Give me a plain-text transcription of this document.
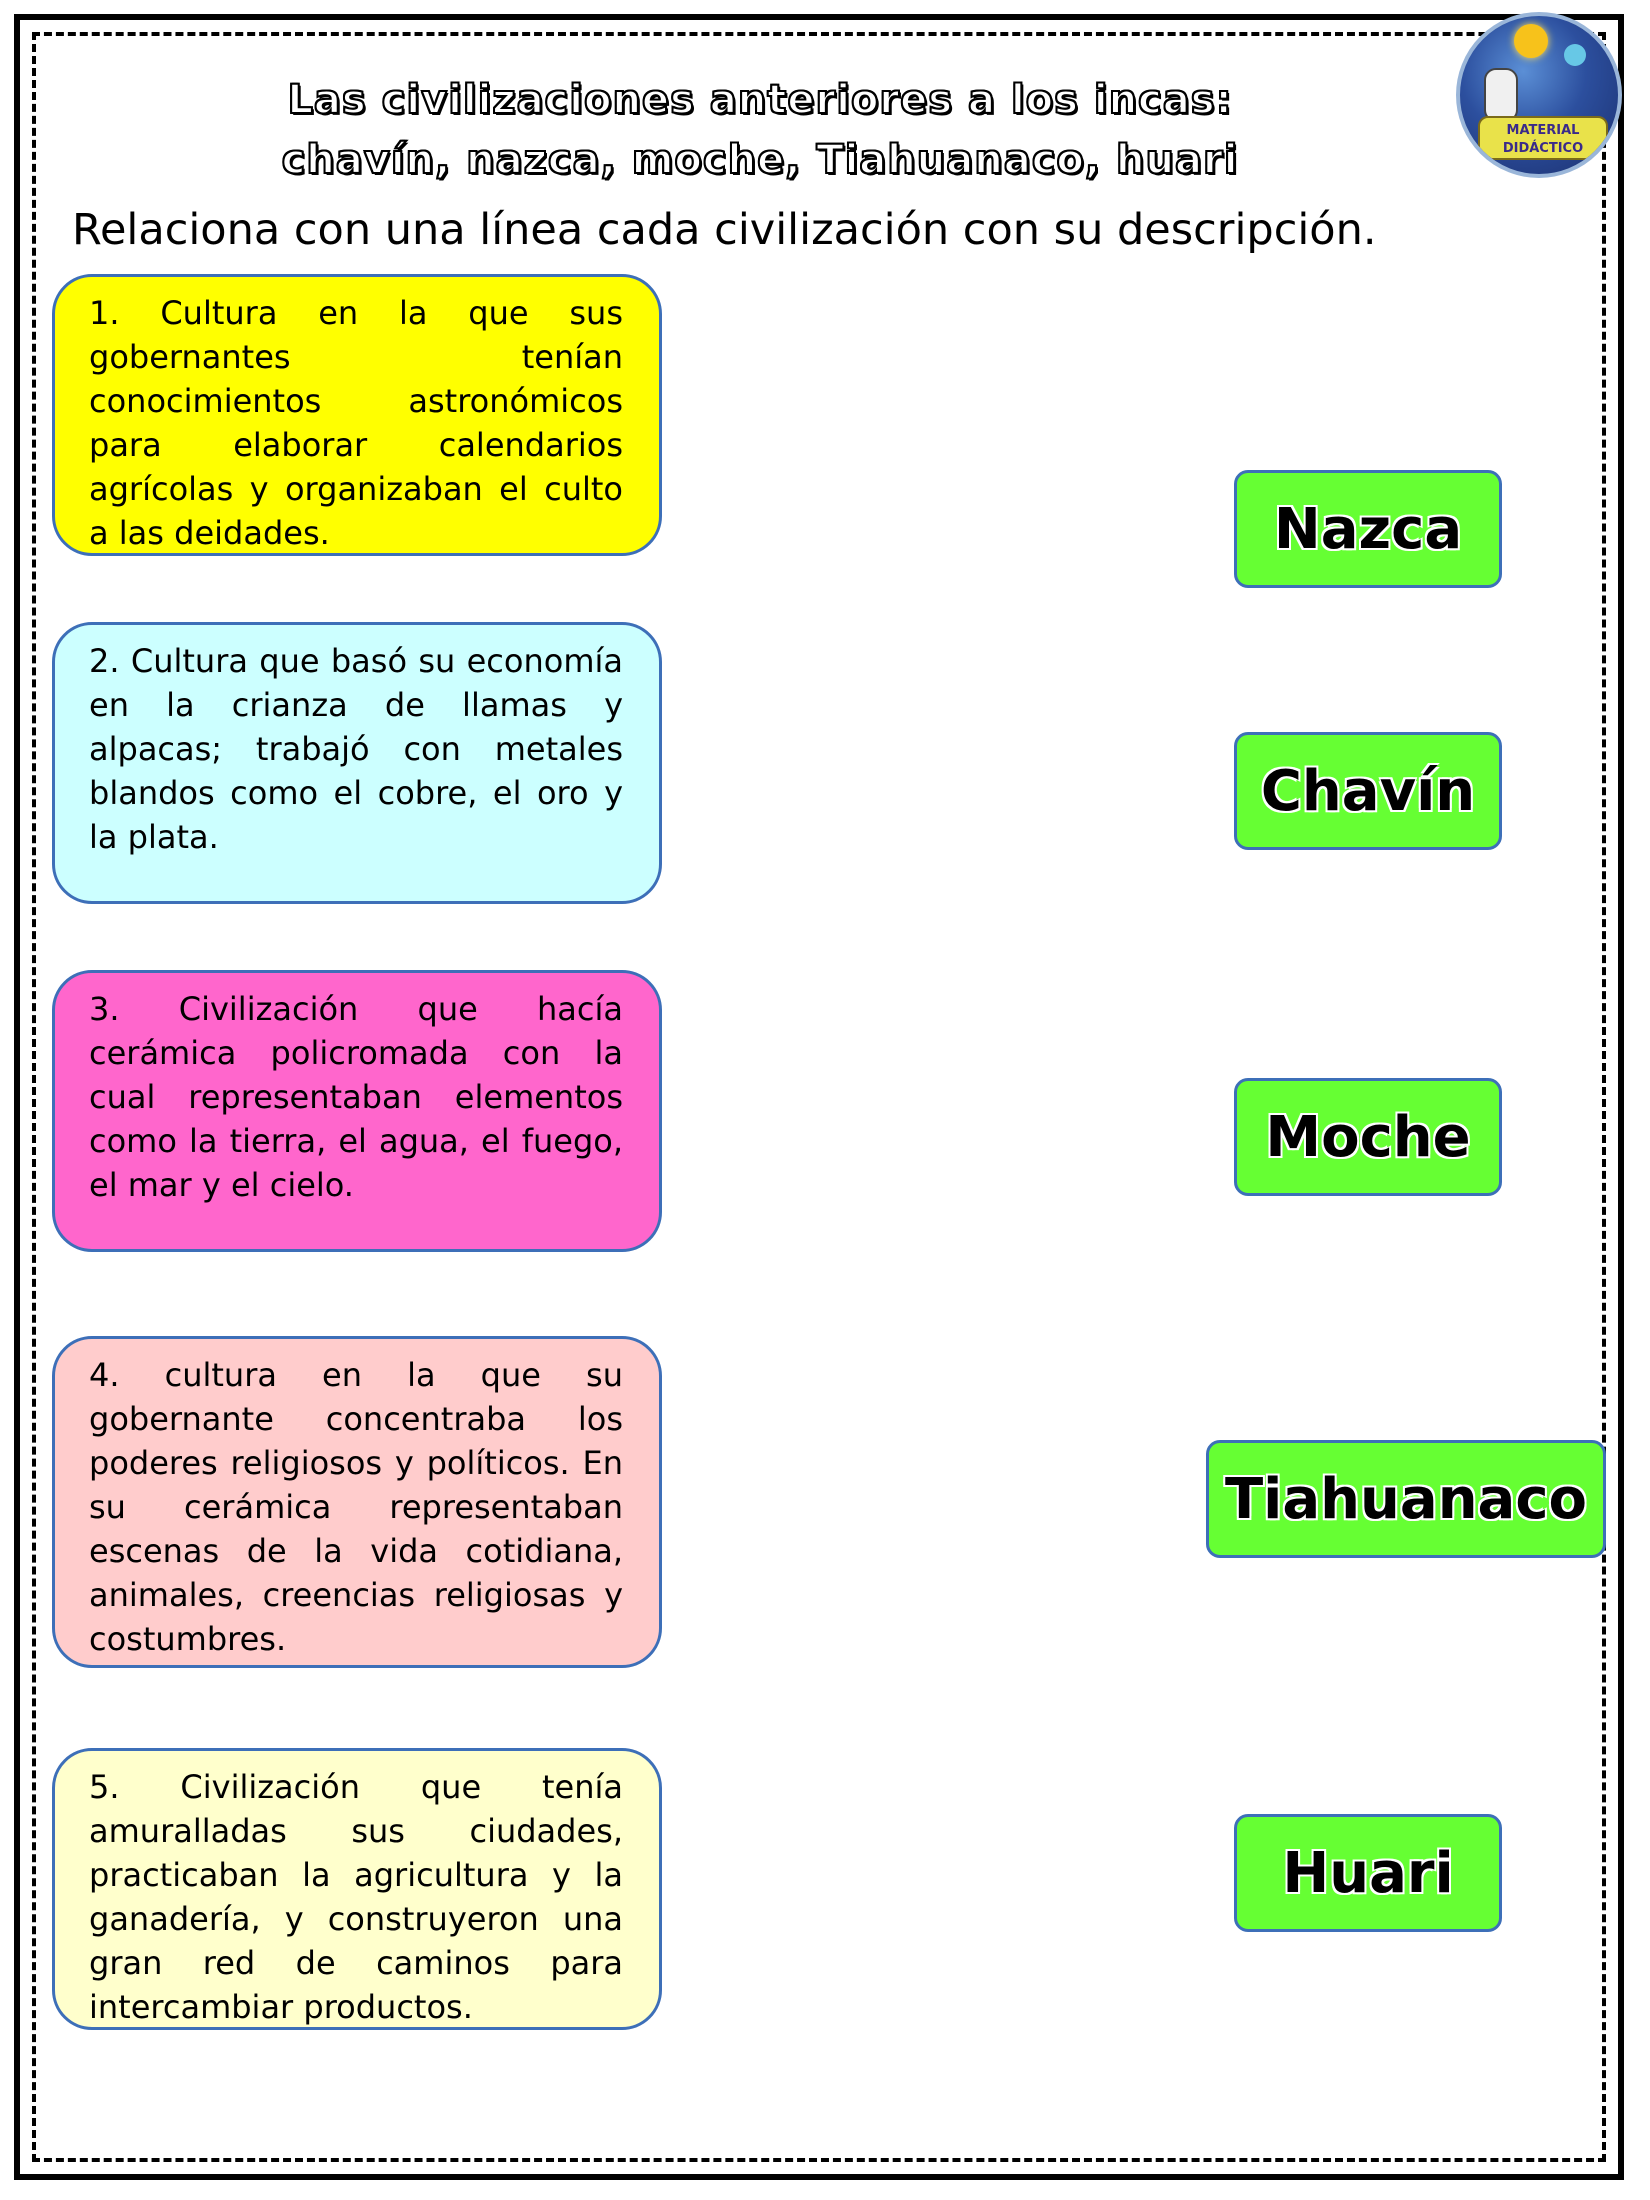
Las civilizaciones anteriores a los incas:
chavín, nazca, moche, Tiahuanaco, huari
MATERIAL DIDÁCTICO
Relaciona con una línea cada civilización con su descripción.
1. Cultura en la que sus gobernantes tenían conocimientos astronómicos para elaborar calendarios agrícolas y organizaban el culto a las deidades.
2. Cultura que basó su economía en la crianza de llamas y alpacas; trabajó con metales blandos como el cobre, el oro y la plata.
3. Civilización que hacía cerámica policromada con la cual representaban elementos como la tierra, el agua, el fuego, el mar y el cielo.
4. cultura en la que su gobernante concentraba los poderes religiosos y políticos. En su cerámica representaban escenas de la vida cotidiana, animales, creencias religiosas y costumbres.
5. Civilización que tenía amuralladas sus ciudades, practicaban la agricultura y la ganadería, y construyeron una gran red de caminos para intercambiar productos.
Nazca
Chavín
Moche
Tiahuanaco
Huari
